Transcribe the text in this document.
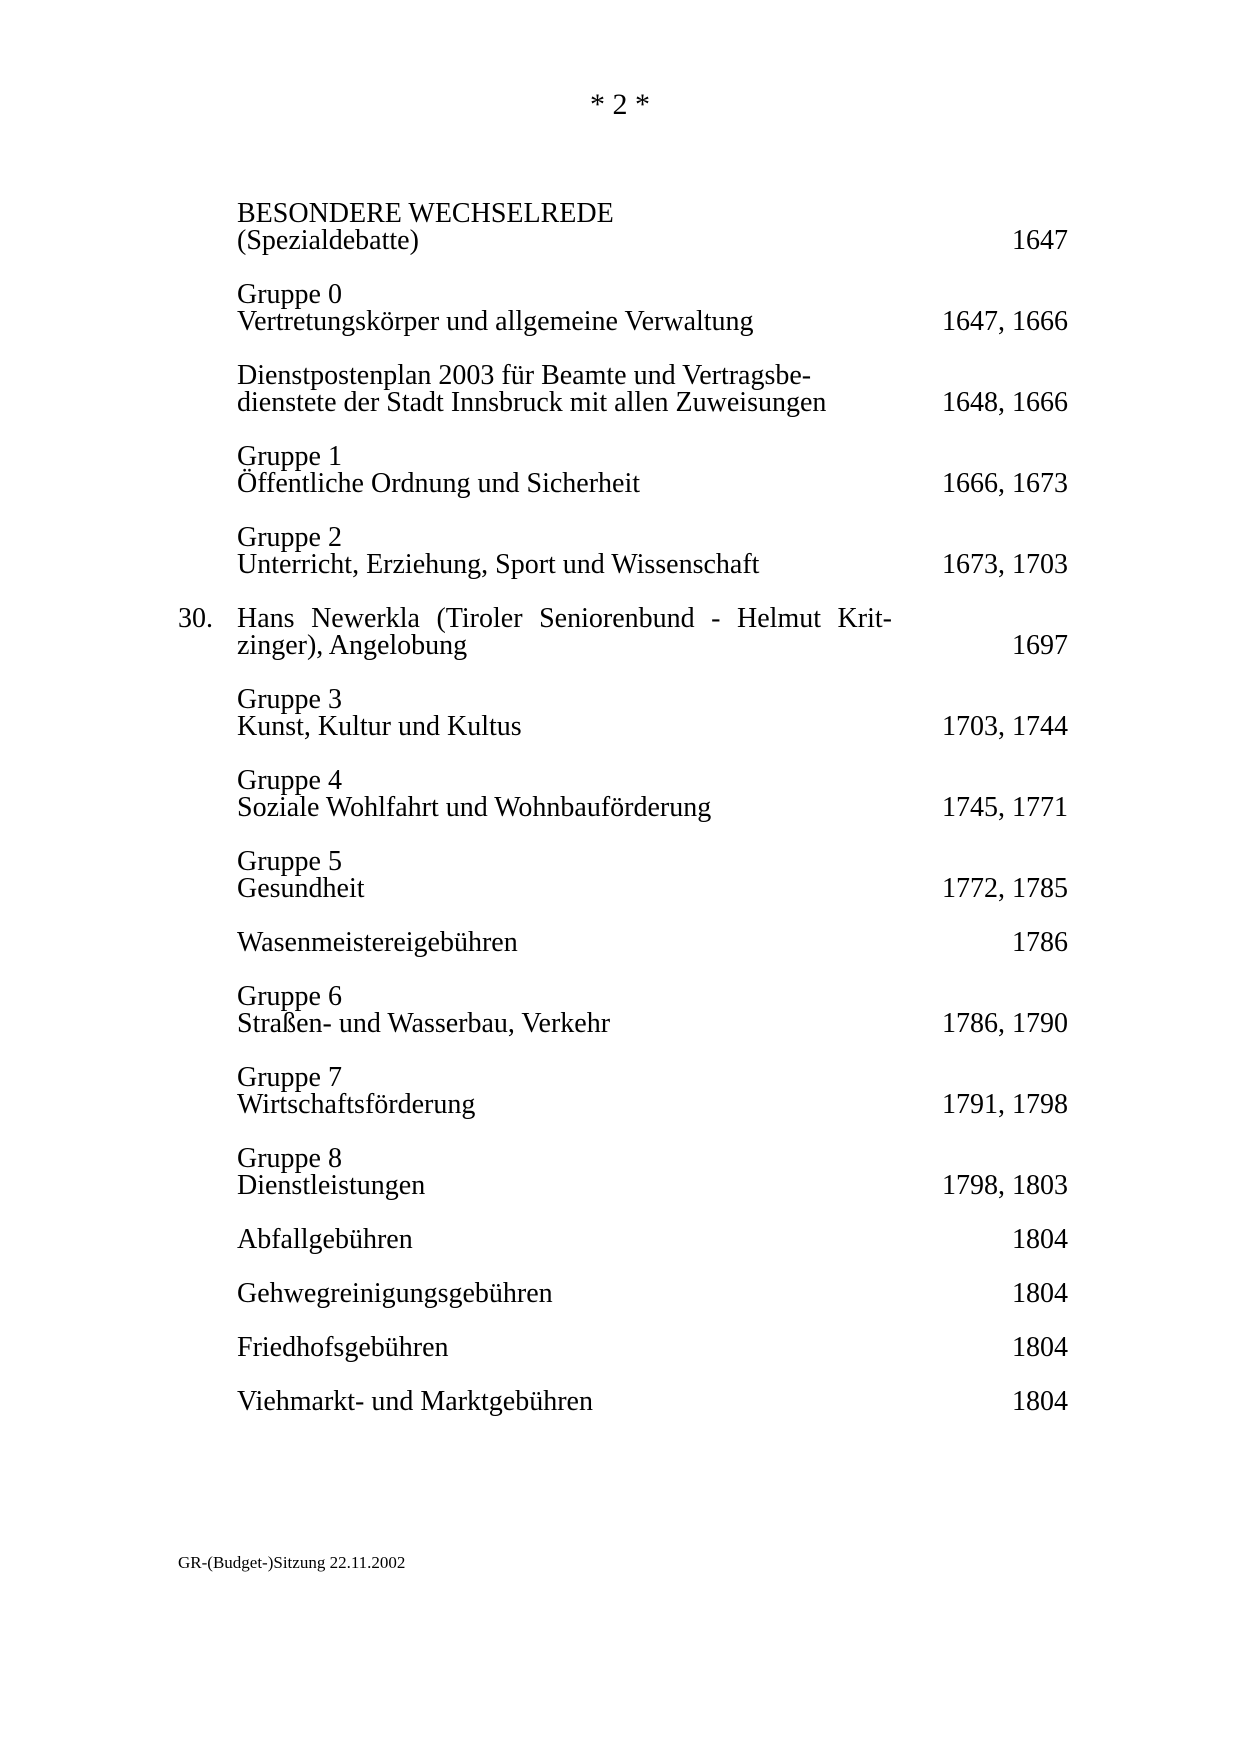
* 2 *
BESONDERE WECHSELREDE
(Spezialdebatte)	1647
Gruppe 0
Vertretungskörper und allgemeine Verwaltung	1647, 1666
Dienstpostenplan 2003 für Beamte und Vertragsbe-
dienstete der Stadt Innsbruck mit allen Zuweisungen	1648, 1666
Gruppe 1
Öffentliche Ordnung und Sicherheit	1666, 1673
Gruppe 2
Unterricht, Erziehung, Sport und Wissenschaft	1673, 1703
30. Hans Newerkla (Tiroler Seniorenbund - Helmut Krit-
zinger), Angelobung	1697
Gruppe 3
Kunst, Kultur und Kultus	1703, 1744
Gruppe 4
Soziale Wohlfahrt und Wohnbauförderung	1745, 1771
Gruppe 5
Gesundheit	1772, 1785
Wasenmeistereigebühren	1786
Gruppe 6
Straßen- und Wasserbau, Verkehr	1786, 1790
Gruppe 7
Wirtschaftsförderung	1791, 1798
Gruppe 8
Dienstleistungen	1798, 1803
Abfallgebühren	1804
Gehwegreinigungsgebühren	1804
Friedhofsgebühren	1804
Viehmarkt- und Marktgebühren	1804
GR-(Budget-)Sitzung 22.11.2002
